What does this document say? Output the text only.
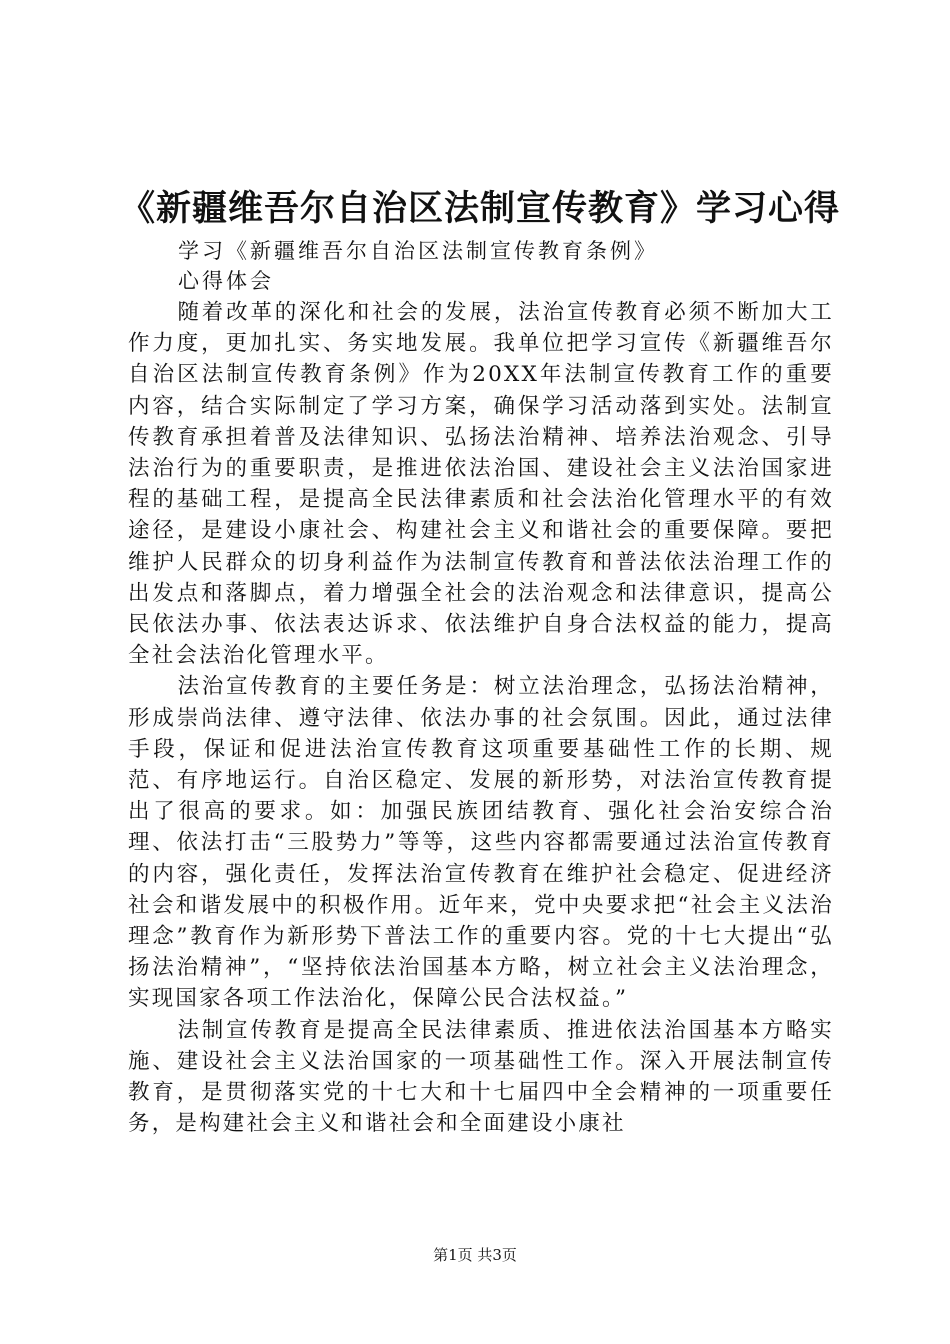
《新疆维吾尔自治区法制宣传教育》学习心得
学习《新疆维吾尔自治区法制宣传教育条例》
心得体会

随着改革的深化和社会的发展，法治宣传教育必须不断加大工作力度，更加扎实、务实地发展。我单位把学习宣传《新疆维吾尔自治区法制宣传教育条例》作为20XX年法制宣传教育工作的重要内容，结合实际制定了学习方案，确保学习活动落到实处。法制宣传教育承担着普及法律知识、弘扬法治精神、培养法治观念、引导法治行为的重要职责，是推进依法治国、建设社会主义法治国家进程的基础工程，是提高全民法律素质和社会法治化管理水平的有效途径，是建设小康社会、构建社会主义和谐社会的重要保障。要把维护人民群众的切身利益作为法制宣传教育和普法依法治理工作的出发点和落脚点，着力增强全社会的法治观念和法律意识，提高公民依法办事、依法表达诉求、依法维护自身合法权益的能力，提高全社会法治化管理水平。

法治宣传教育的主要任务是：树立法治理念，弘扬法治精神，形成崇尚法律、遵守法律、依法办事的社会氛围。因此，通过法律手段，保证和促进法治宣传教育这项重要基础性工作的长期、规范、有序地运行。自治区稳定、发展的新形势，对法治宣传教育提出了很高的要求。如：加强民族团结教育、强化社会治安综合治理、依法打击“三股势力”等等，这些内容都需要通过法治宣传教育的内容，强化责任，发挥法治宣传教育在维护社会稳定、促进经济社会和谐发展中的积极作用。近年来，党中央要求把“社会主义法治理念”教育作为新形势下普法工作的重要内容。党的十七大提出“弘扬法治精神”，“坚持依法治国基本方略，树立社会主义法治理念，实现国家各项工作法治化，保障公民合法权益。”

法制宣传教育是提高全民法律素质、推进依法治国基本方略实施、建设社会主义法治国家的一项基础性工作。深入开展法制宣传教育，是贯彻落实党的十七大和十七届四中全会精神的一项重要任务，是构建社会主义和谐社会和全面建设小康社

第1页 共3页
